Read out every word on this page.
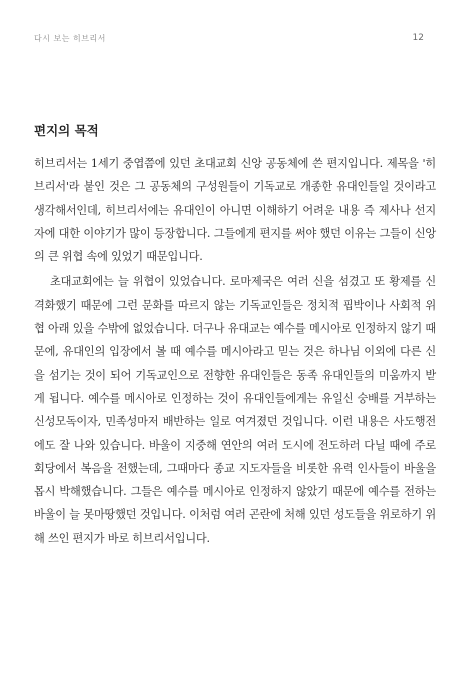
다시 보는 히브리서	12
편지의 목적

히브리서는 1세기 중엽쯤에 있던 초대교회 신앙 공동체에 쓴 편지입니다. 제목을 '히브리서'라 붙인 것은 그 공동체의 구성원들이 기독교로 개종한 유대인들일 것이라고 생각해서인데, 히브리서에는 유대인이 아니면 이해하기 어려운 내용 즉 제사나 선지자에 대한 이야기가 많이 등장합니다. 그들에게 편지를 써야 했던 이유는 그들이 신앙의 큰 위협 속에 있었기 때문입니다.

초대교회에는 늘 위협이 있었습니다. 로마제국은 여러 신을 섬겼고 또 황제를 신격화했기 때문에 그런 문화를 따르지 않는 기독교인들은 정치적 핍박이나 사회적 위협 아래 있을 수밖에 없었습니다. 더구나 유대교는 예수를 메시아로 인정하지 않기 때문에, 유대인의 입장에서 볼 때 예수를 메시아라고 믿는 것은 하나님 이외에 다른 신을 섬기는 것이 되어 기독교인으로 전향한 유대인들은 동족 유대인들의 미움까지 받게 됩니다. 예수를 메시아로 인정하는 것이 유대인들에게는 유일신 숭배를 거부하는 신성모독이자, 민족성마저 배반하는 일로 여겨졌던 것입니다. 이런 내용은 사도행전에도 잘 나와 있습니다. 바울이 지중해 연안의 여러 도시에 전도하러 다닐 때에 주로 회당에서 복음을 전했는데, 그때마다 종교 지도자들을 비롯한 유력 인사들이 바울을 몹시 박해했습니다. 그들은 예수를 메시아로 인정하지 않았기 때문에 예수를 전하는 바울이 늘 못마땅했던 것입니다. 이처럼 여러 곤란에 처해 있던 성도들을 위로하기 위해 쓰인 편지가 바로 히브리서입니다.
